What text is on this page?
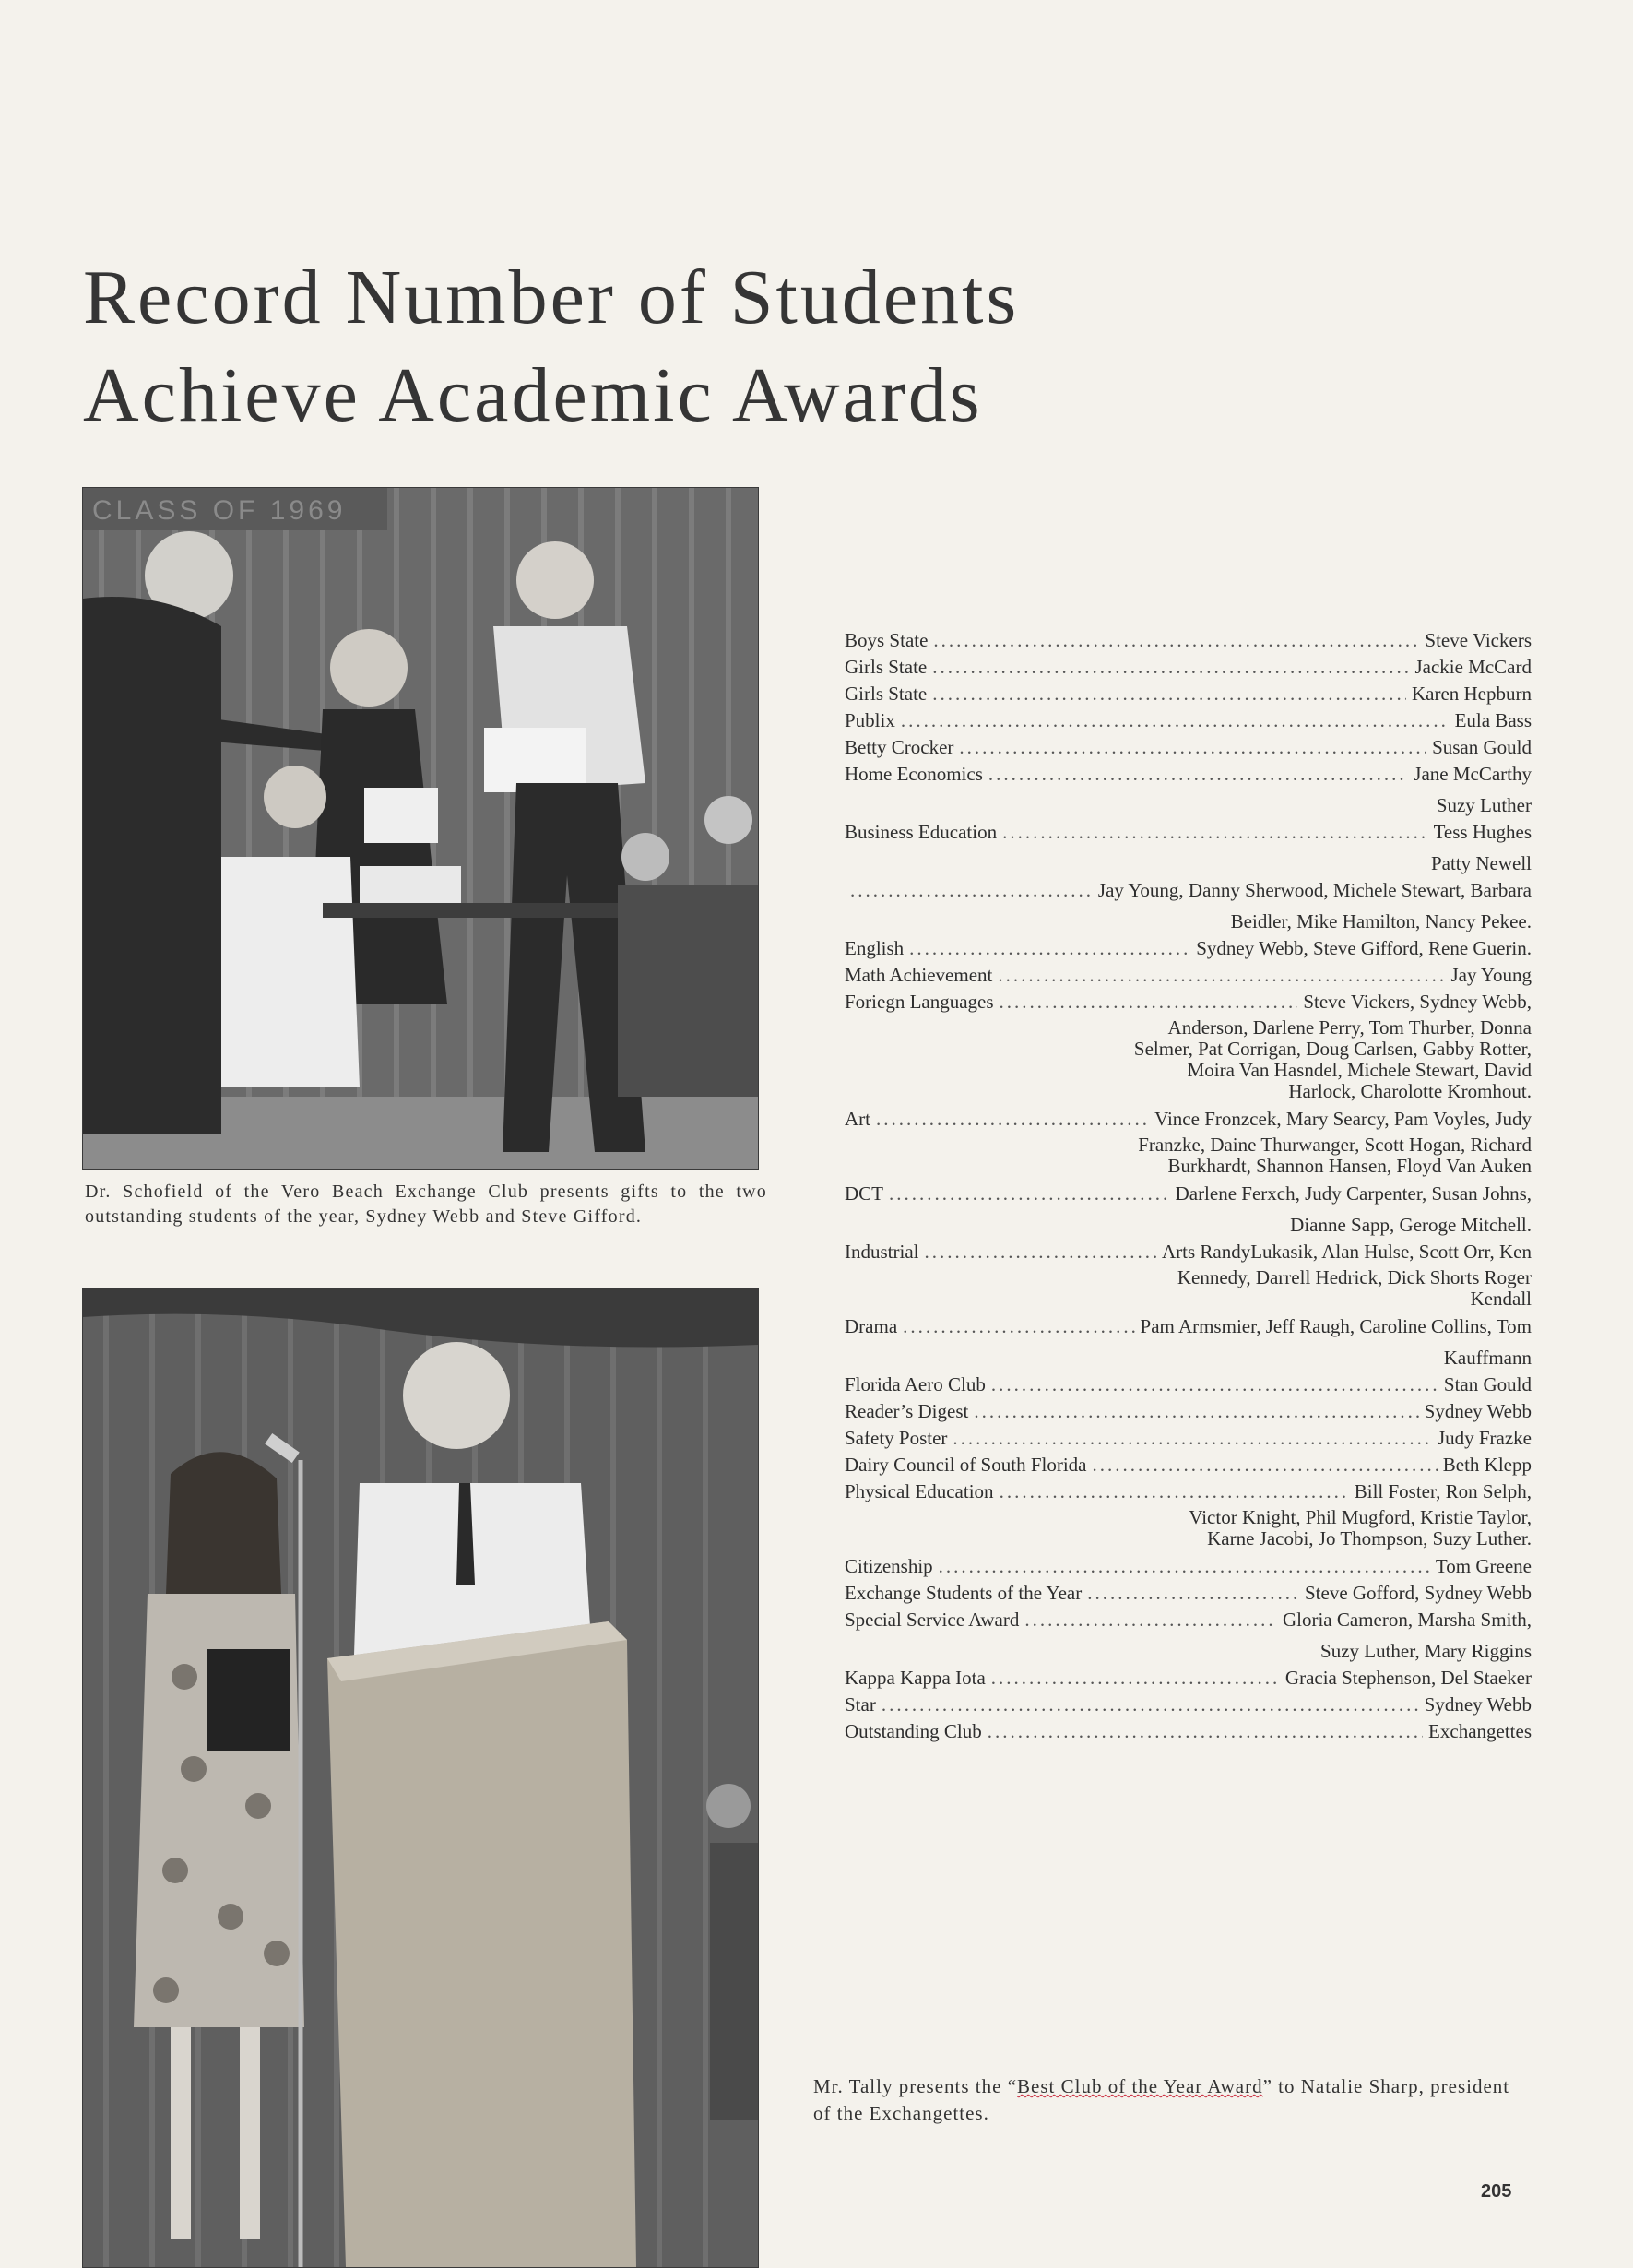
Record Number of Students
Achieve Academic Awards
CLASS OF 1969
Dr. Schofield of the Vero Beach Exchange Club presents gifts to the two outstanding students of the year, Sydney Webb and Steve Gifford.
Boys State .....	Steve Vickers
Girls State .....	Jackie McCard
Girls State .....	Karen Hepburn
Publix .....	Eula Bass
Betty Crocker .....	Susan Gould
Home Economics .....	Jane McCarthy
Suzy Luther
Business Education .....	Tess Hughes
Patty Newell
.....
Jay Young, Danny Sherwood, Michele Stewart, Barbara
Beidler, Mike Hamilton, Nancy Pekee.
English .....	Sydney Webb, Steve Gifford, Rene Guerin.
Math Achievement .....	Jay Young
Foriegn Languages .....	Steve Vickers, Sydney Webb,
Anderson, Darlene Perry, Tom Thurber, Donna
Selmer, Pat Corrigan, Doug Carlsen, Gabby Rotter,
Moira Van Hasndel, Michele Stewart, David
Harlock, Charolotte Kromhout.
Art .....	Vince Fronzcek, Mary Searcy, Pam Voyles, Judy
Franzke, Daine Thurwanger, Scott Hogan, Richard
Burkhardt, Shannon Hansen, Floyd Van Auken
DCT .....	Darlene Ferxch, Judy Carpenter, Susan Johns,
Dianne Sapp, Geroge Mitchell.
Industrial .....	Arts RandyLukasik, Alan Hulse, Scott Orr, Ken
Kennedy, Darrell Hedrick, Dick Shorts Roger
Kendall
Drama .....	Pam Armsmier, Jeff Raugh, Caroline Collins, Tom
Kauffmann
Florida Aero Club .....	Stan Gould
Reader’s Digest .....	Sydney Webb
Safety Poster .....	Judy Frazke
Dairy Council of South Florida .....	Beth Klepp
Physical Education .....	Bill Foster, Ron Selph,
Victor Knight, Phil Mugford, Kristie Taylor,
Karne Jacobi, Jo Thompson, Suzy Luther.
Citizenship .....	Tom Greene
Exchange Students of the Year .....	Steve Gofford, Sydney Webb
Special Service Award .....	Gloria Cameron, Marsha Smith,
Suzy Luther, Mary Riggins
Kappa Kappa Iota .....	Gracia Stephenson, Del Staeker
Star .....	Sydney Webb
Outstanding Club .....	Exchangettes
Mr. Tally presents the “Best Club of the Year Award” to Natalie Sharp, president of the Exchangettes.
205
